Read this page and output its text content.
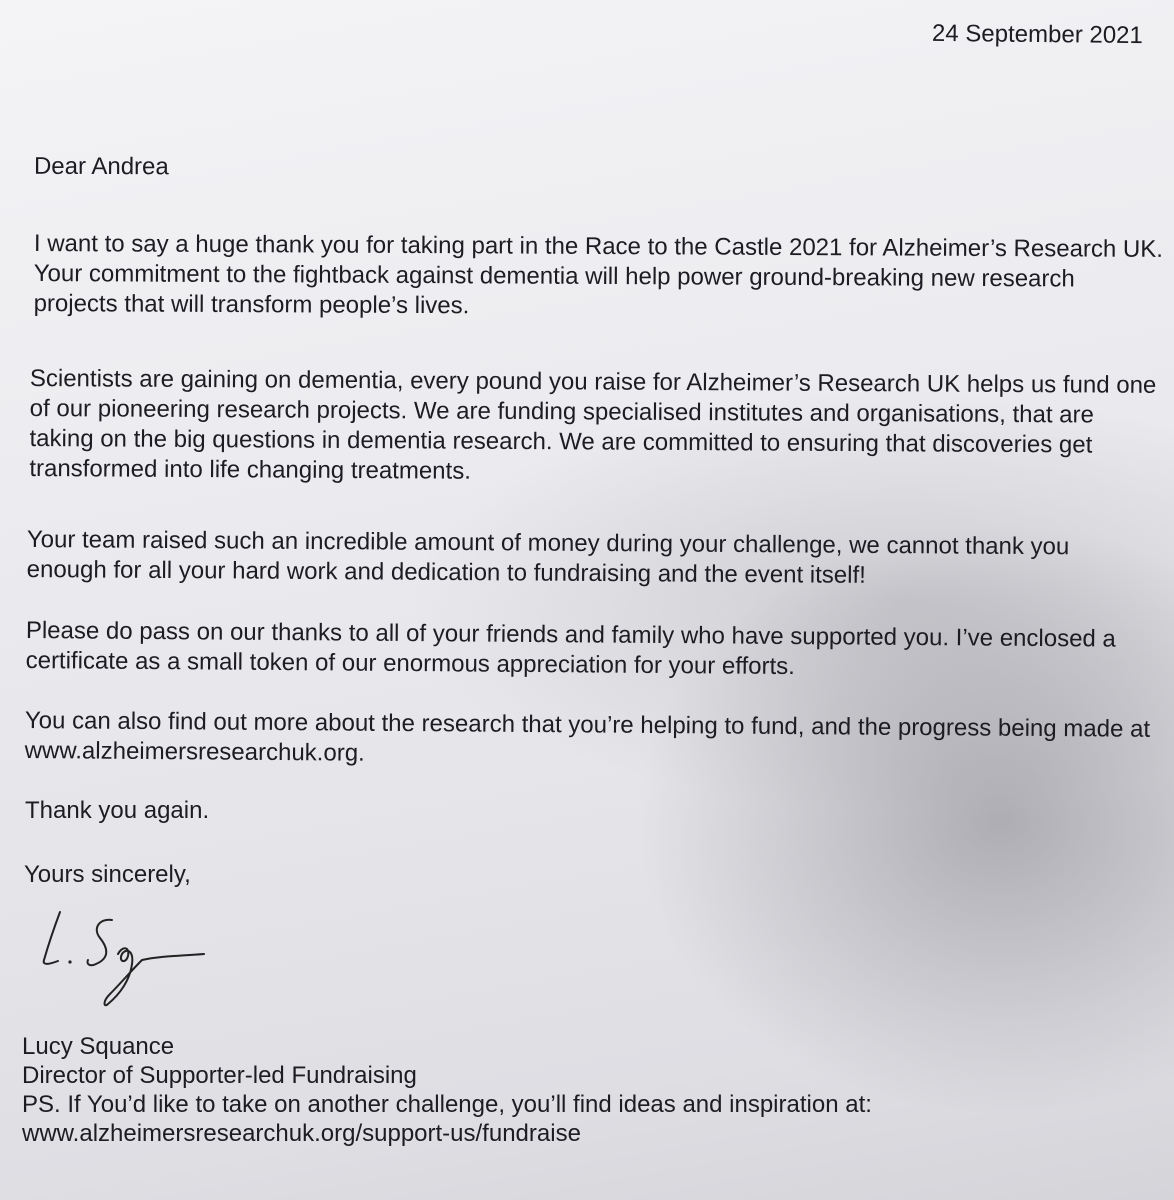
24 September 2021

Dear Andrea

I want to say a huge thank you for taking part in the Race to the Castle 2021 for Alzheimer’s Research UK. Your commitment to the fightback against dementia will help power ground-breaking new research projects that will transform people’s lives.

Scientists are gaining on dementia, every pound you raise for Alzheimer’s Research UK helps us fund one of our pioneering research projects. We are funding specialised institutes and organisations, that are taking on the big questions in dementia research. We are committed to ensuring that discoveries get transformed into life changing treatments.

Your team raised such an incredible amount of money during your challenge, we cannot thank you enough for all your hard work and dedication to fundraising and the event itself!

Please do pass on our thanks to all of your friends and family who have supported you. I’ve enclosed a certificate as a small token of our enormous appreciation for your efforts.

You can also find out more about the research that you’re helping to fund, and the progress being made at www.alzheimersresearchuk.org.

Thank you again.

Yours sincerely,

Lucy Squance
Director of Supporter-led Fundraising
PS. If You’d like to take on another challenge, you’ll find ideas and inspiration at:
www.alzheimersresearchuk.org/support-us/fundraise
